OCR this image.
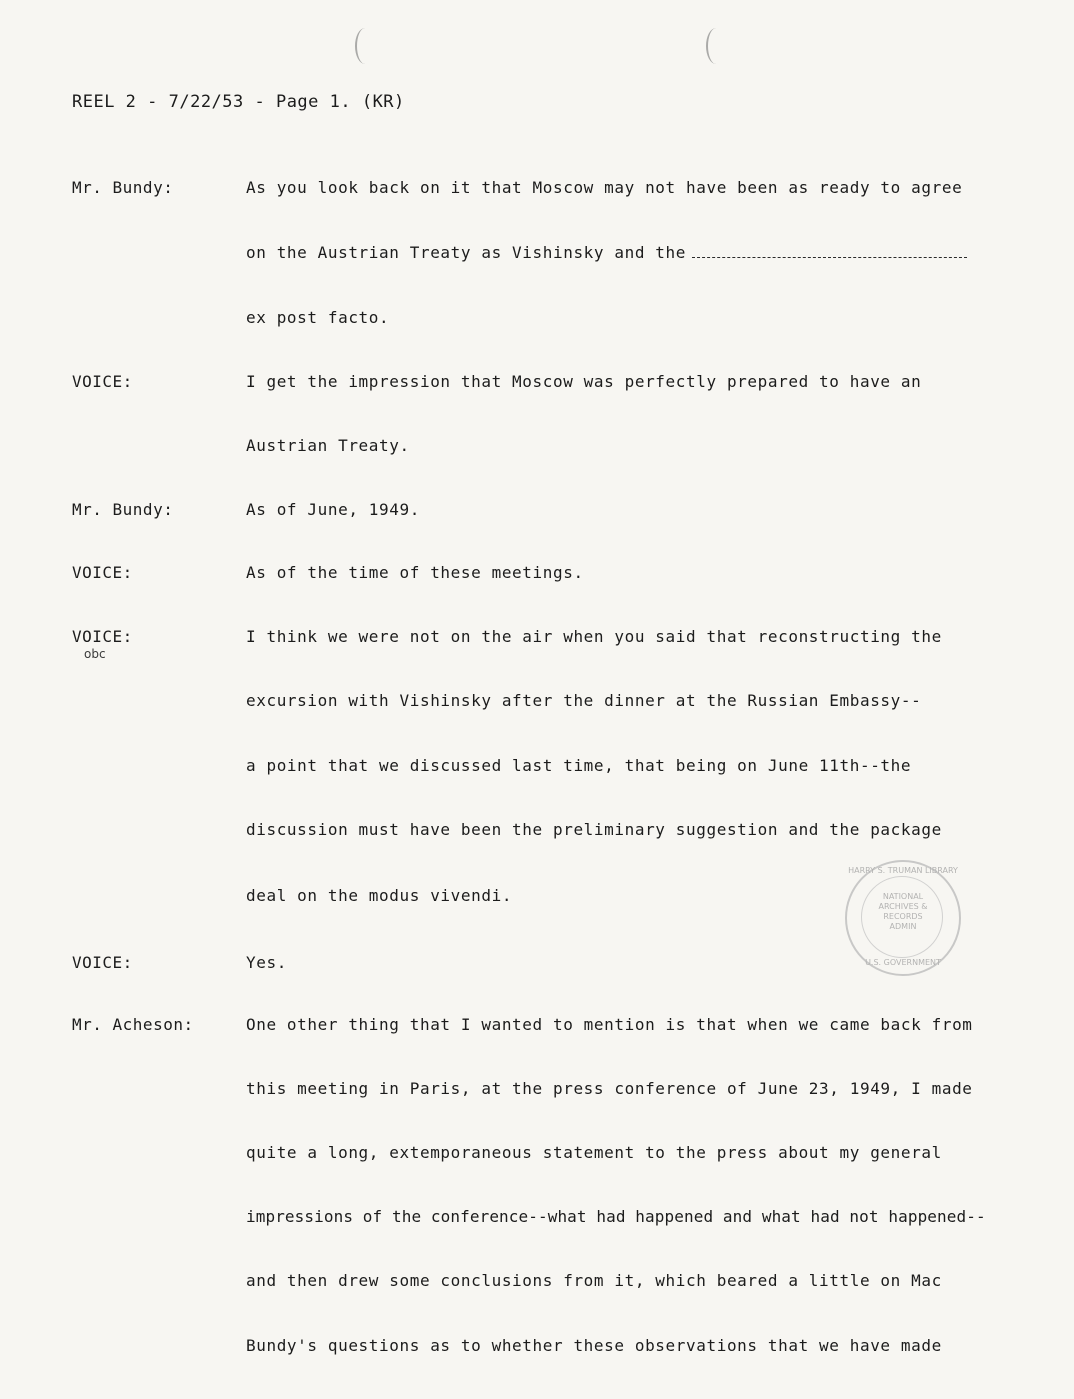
REEL 2 - 7/22/53 - Page 1. (KR)
Mr. Bundy:	As you look back on it that Moscow may not have been as ready to agree
on the Austrian Treaty as Vishinsky and the
ex post facto.
VOICE:	I get the impression that Moscow was perfectly prepared to have an
Austrian Treaty.
Mr. Bundy:	As of June, 1949.
VOICE:	As of the time of these meetings.
VOICE:	I think we were not on the air when you said that reconstructing the
obc
excursion with Vishinsky after the dinner at the Russian Embassy--
a point that we discussed last time, that being on June 11th--the
discussion must have been the preliminary suggestion and the package
deal on the modus vivendi.
VOICE:	Yes.
Mr. Acheson:	One other thing that I wanted to mention is that when we came back from
this meeting in Paris, at the press conference of June 23, 1949, I made
quite a long, extemporaneous statement to the press about my general
impressions of the conference--what had happened and what had not happened--
and then drew some conclusions from it, which beared a little on Mac
Bundy's questions as to whether these observations that we have made
HARRY S. TRUMAN LIBRARY
NATIONAL
ARCHIVES &
RECORDS
ADMIN
U.S. GOVERNMENT
